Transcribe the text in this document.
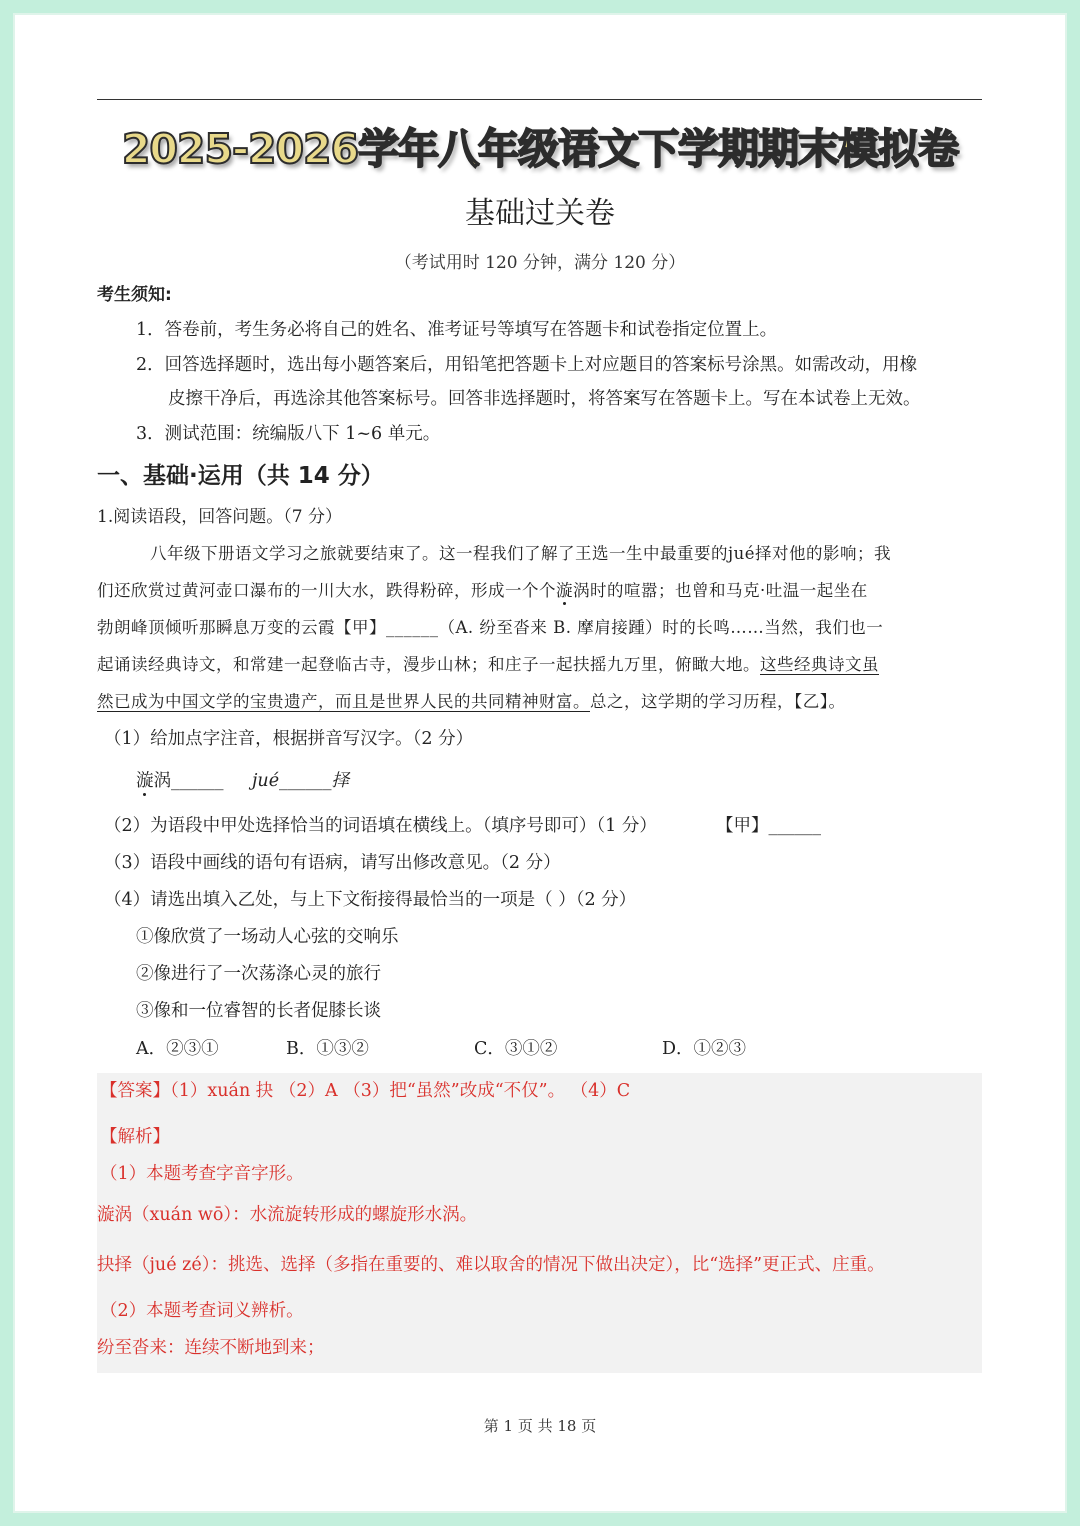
2025-2026学年八年级语文下学期期末模拟卷
基础过关卷
（考试用时 120 分钟，满分 120 分）
考生须知:
1．答卷前，考生务必将自己的姓名、准考证号等填写在答题卡和试卷指定位置上。
2．回答选择题时，选出每小题答案后，用铅笔把答题卡上对应题目的答案标号涂黑。如需改动，用橡
皮擦干净后，再选涂其他答案标号。回答非选择题时，将答案写在答题卡上。写在本试卷上无效。
3．测试范围：统编版八下 1~6 单元。
一、基础·运用（共 14 分）
1.阅读语段，回答问题。（7 分）
八年级下册语文学习之旅就要结束了。这一程我们了解了王选一生中最重要的jué择对他的影响；我
们还欣赏过黄河壶口瀑布的一川大水，跌得粉碎，形成一个个漩涡时的喧嚣；也曾和马克·吐温一起坐在
勃朗峰顶倾听那瞬息万变的云霞【甲】______（A. 纷至沓来 B. 摩肩接踵）时的长鸣……当然，我们也一
起诵读经典诗文，和常建一起登临古寺，漫步山林；和庄子一起扶摇九万里，俯瞰大地。这些经典诗文虽
然已成为中国文学的宝贵遗产，而且是世界人民的共同精神财富。总之，这学期的学习历程，【乙】。
（1）给加点字注音，根据拼音写汉字。（2 分）
漩涡______ jué______择
（2）为语段中甲处选择恰当的词语填在横线上。（填序号即可）（1 分）	【甲】______
（3）语段中画线的语句有语病，请写出修改意见。（2 分）
（4）请选出填入乙处，与上下文衔接得最恰当的一项是（ ）（2 分）
①像欣赏了一场动人心弦的交响乐
②像进行了一次荡涤心灵的旅行
③像和一位睿智的长者促膝长谈
A．②③①	B．①③②	C．③①②	D．①②③
【答案】（1）xuán 抉 （2）A （3）把“虽然”改成“不仅”。 （4）C
【解析】
（1）本题考查字音字形。
漩涡（xuán wō）：水流旋转形成的螺旋形水涡。
抉择（jué zé）：挑选、选择（多指在重要的、难以取舍的情况下做出决定），比“选择”更正式、庄重。
（2）本题考查词义辨析。
纷至沓来：连续不断地到来；
第 1 页 共 18 页
